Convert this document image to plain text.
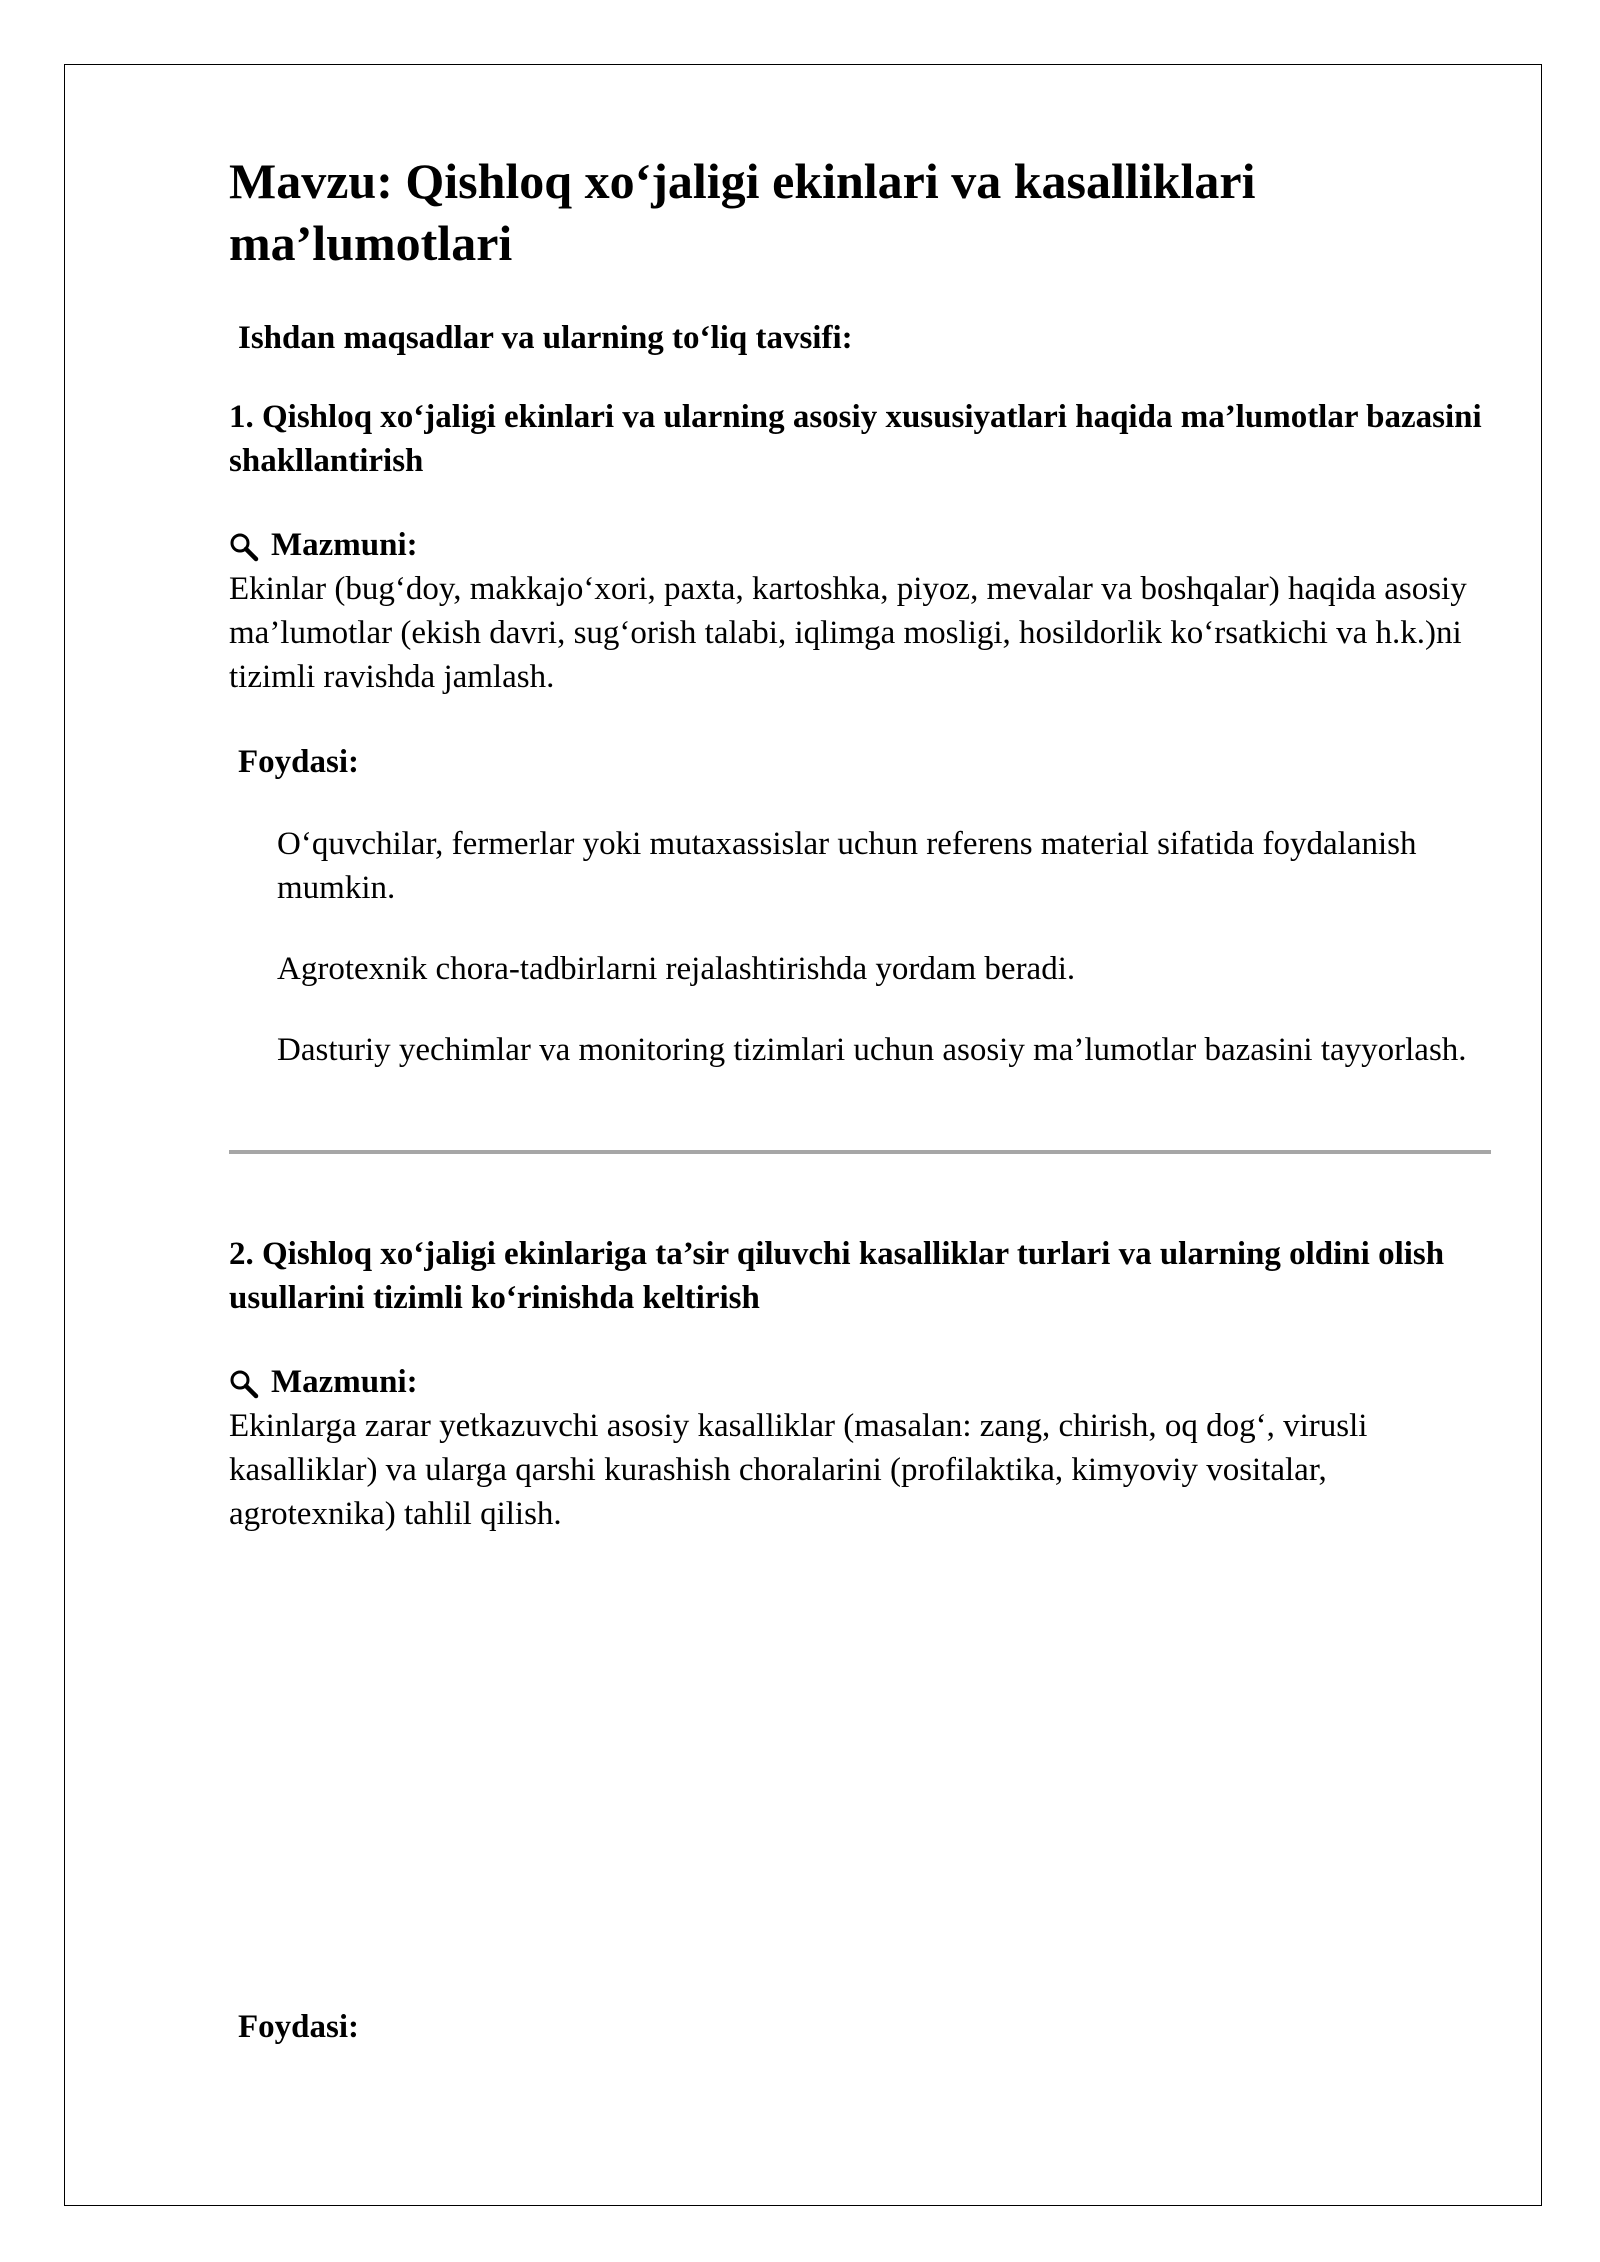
Mavzu: Qishloq xo‘jaligi ekinlari va kasalliklari ma’lumotlari
Ishdan maqsadlar va ularning to‘liq tavsifi:
1. Qishloq xo‘jaligi ekinlari va ularning asosiy xususiyatlari haqida ma’lumotlar bazasini shakllantirish
Mazmuni:

Ekinlar (bug‘doy, makkajo‘xori, paxta, kartoshka, piyoz, mevalar va boshqalar) haqida asosiy ma’lumotlar (ekish davri, sug‘orish talabi, iqlimga mosligi, hosildorlik ko‘rsatkichi va h.k.)ni tizimli ravishda jamlash.

Foydasi:

O‘quvchilar, fermerlar yoki mutaxassislar uchun referens material sifatida foydalanish mumkin.

Agrotexnik chora-tadbirlarni rejalashtirishda yordam beradi.

Dasturiy yechimlar va monitoring tizimlari uchun asosiy ma’lumotlar bazasini tayyorlash.

2. Qishloq xo‘jaligi ekinlariga ta’sir qiluvchi kasalliklar turlari va ularning oldini olish usullarini tizimli ko‘rinishda keltirish
Mazmuni:

Ekinlarga zarar yetkazuvchi asosiy kasalliklar (masalan: zang, chirish, oq dog‘, virusli kasalliklar) va ularga qarshi kurashish choralarini (profilaktika, kimyoviy vositalar, agrotexnika) tahlil qilish.

Foydasi:
